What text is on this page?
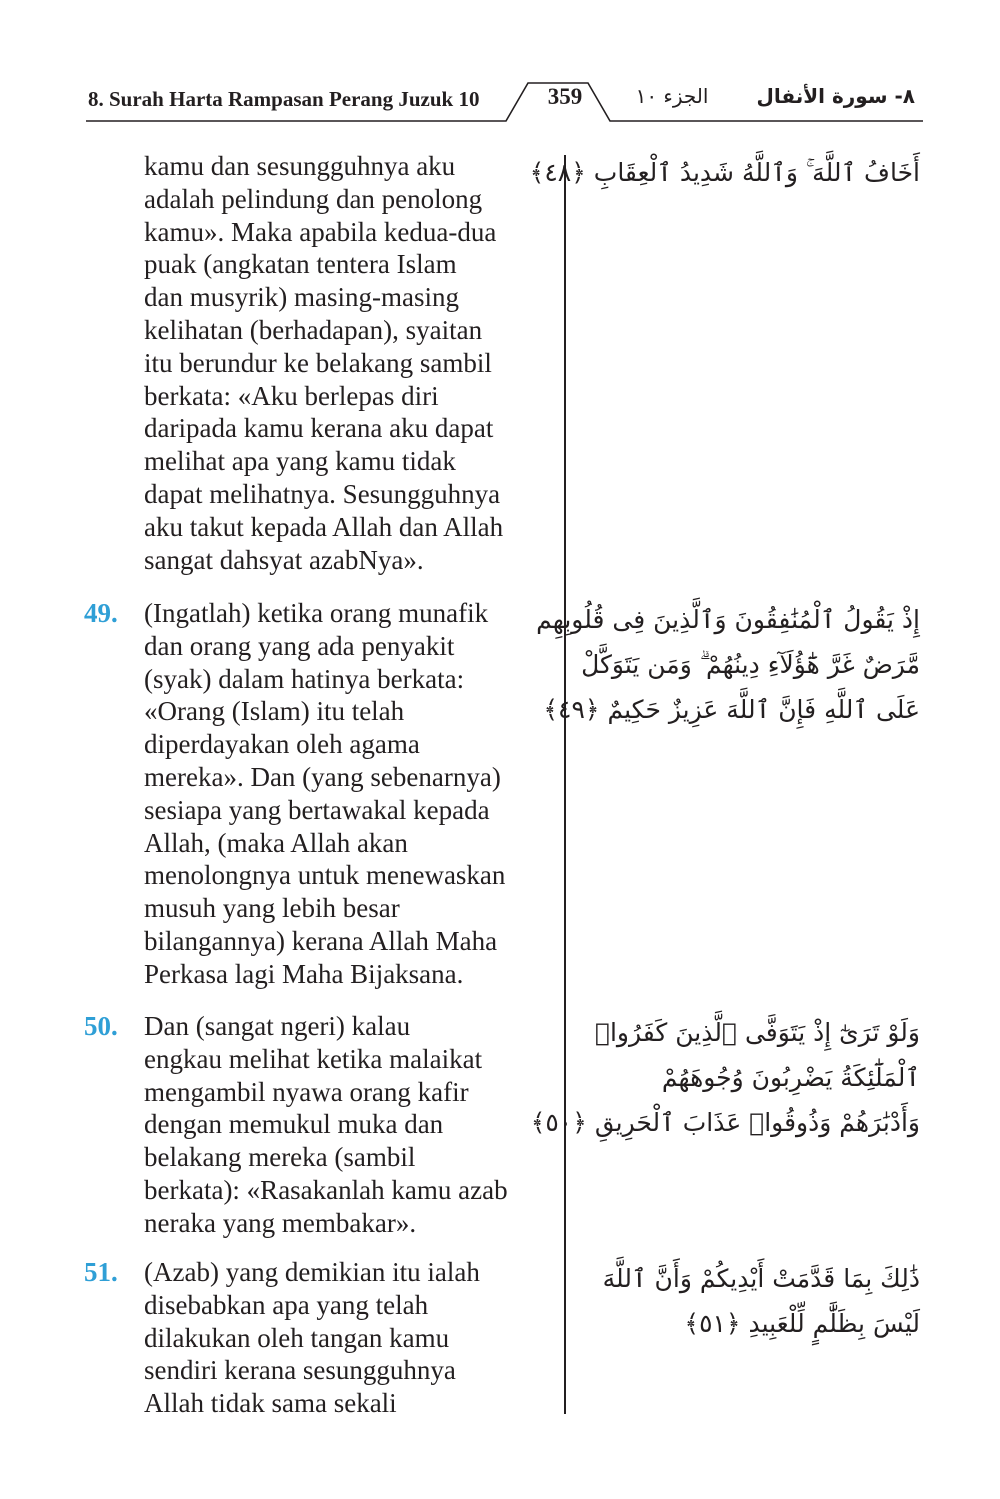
8. Surah Harta Rampasan Perang Juzuk 10	359	الجزء ١٠	٨- سورة الأنفال
kamu dan sesungguhnya aku
adalah pelindung dan penolong
kamu». Maka apabila kedua-dua
puak (angkatan tentera Islam
dan musyrik) masing-masing
kelihatan (berhadapan), syaitan
itu berundur ke belakang sambil
berkata: «Aku berlepas diri
daripada kamu kerana aku dapat
melihat apa yang kamu tidak
dapat melihatnya. Sesungguhnya
aku takut kepada Allah dan Allah
sangat dahsyat azabNya».
أَخَافُ ٱللَّهَ ۚ وَٱللَّهُ شَدِيدُ ٱلْعِقَابِ ﴿٤٨﴾
49. (Ingatlah) ketika orang munafik
dan orang yang ada penyakit
(syak) dalam hatinya berkata:
«Orang (Islam) itu telah
diperdayakan oleh agama
mereka». Dan (yang sebenarnya)
sesiapa yang bertawakal kepada
Allah, (maka Allah akan
menolongnya untuk menewaskan
musuh yang lebih besar
bilangannya) kerana Allah Maha
Perkasa lagi Maha Bijaksana.
إِذْ يَقُولُ ٱلْمُنَٰفِقُونَ وَٱلَّذِينَ فِى قُلُوبِهِم
مَّرَضٌ غَرَّ هَٰٓؤُلَآءِ دِينُهُمْ ۗ وَمَن يَتَوَكَّلْ
عَلَى ٱللَّهِ فَإِنَّ ٱللَّهَ عَزِيزٌ حَكِيمٌ ﴿٤٩﴾
50. Dan (sangat ngeri) kalau
engkau melihat ketika malaikat
mengambil nyawa orang kafir
dengan memukul muka dan
belakang mereka (sambil
berkata): «Rasakanlah kamu azab
neraka yang membakar».
وَلَوْ تَرَىٰٓ إِذْ يَتَوَفَّى ٱلَّذِينَ كَفَرُوا۟
ٱلْمَلَٰٓئِكَةُ يَضْرِبُونَ وُجُوهَهُمْ
وَأَدْبَٰرَهُمْ وَذُوقُوا۟ عَذَابَ ٱلْحَرِيقِ ﴿٥٠﴾
51. (Azab) yang demikian itu ialah
disebabkan apa yang telah
dilakukan oleh tangan kamu
sendiri kerana sesungguhnya
Allah tidak sama sekali
ذَٰلِكَ بِمَا قَدَّمَتْ أَيْدِيكُمْ وَأَنَّ ٱللَّهَ
لَيْسَ بِظَلَّٰمٍ لِّلْعَبِيدِ ﴿٥١﴾
